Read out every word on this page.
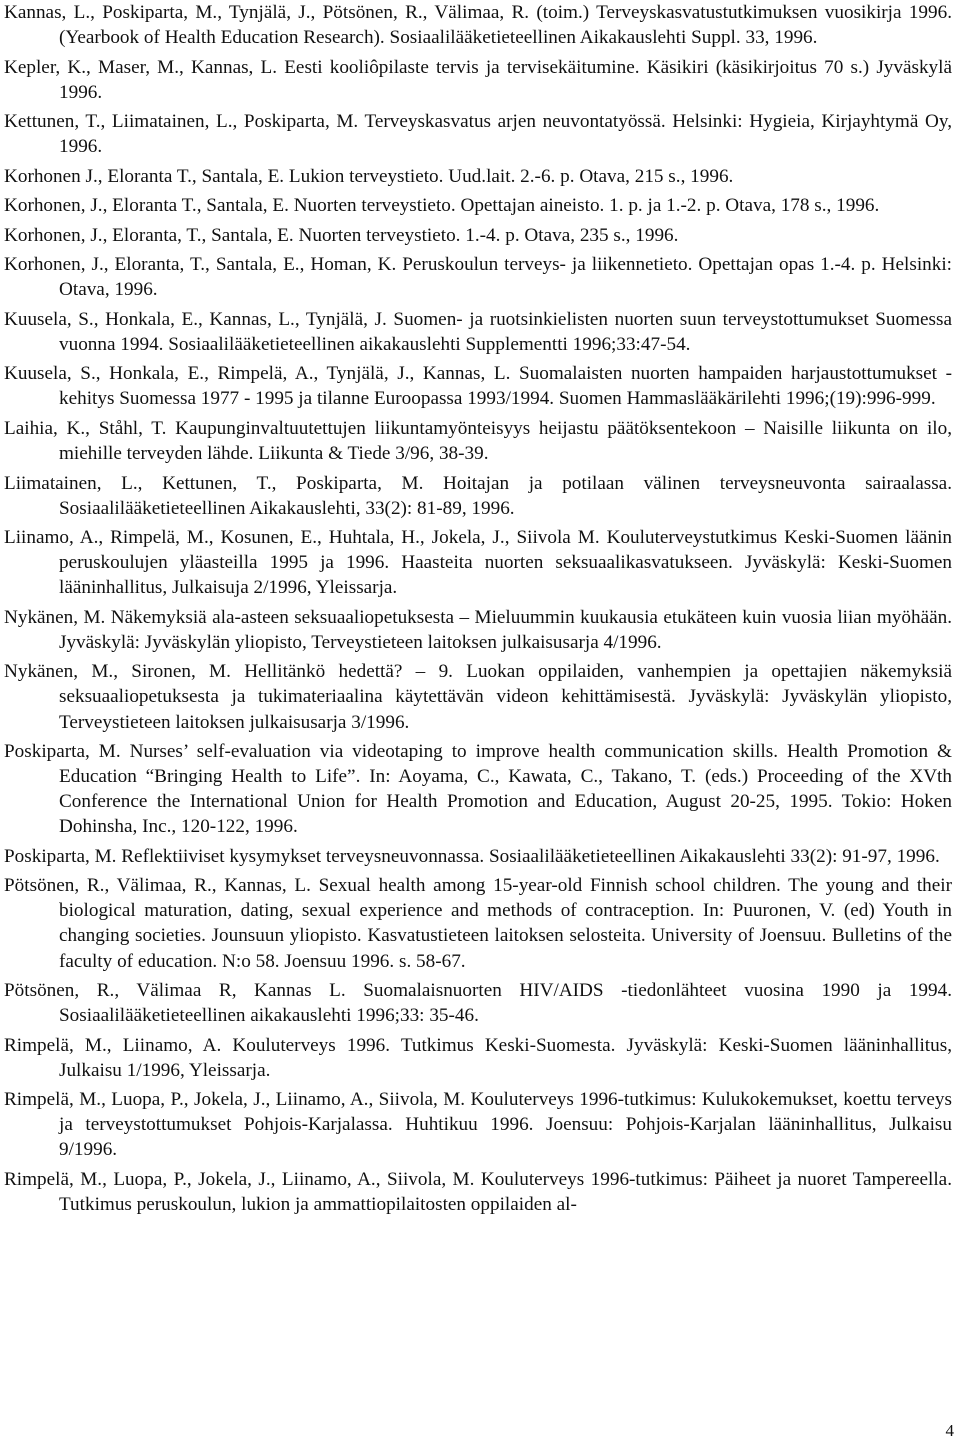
Kannas, L., Poskiparta, M., Tynjälä, J., Pötsönen, R., Välimaa, R. (toim.) Terveyskasvatustutkimuksen vuosikirja 1996. (Yearbook of Health Education Research). Sosiaalilääketieteellinen Aikakauslehti Suppl. 33, 1996.

Kepler, K., Maser, M., Kannas, L. Eesti kooliôpilaste tervis ja tervisekäitumine. Käsikiri (käsikirjoitus 70 s.) Jyväskylä 1996.

Kettunen, T., Liimatainen, L., Poskiparta, M. Terveyskasvatus arjen neuvontatyössä. Helsinki: Hygieia, Kirjayhtymä Oy, 1996.

Korhonen J., Eloranta T., Santala, E. Lukion terveystieto. Uud.lait. 2.-6. p. Otava, 215 s., 1996.

Korhonen, J., Eloranta T., Santala, E. Nuorten terveystieto. Opettajan aineisto. 1. p. ja 1.-2. p. Otava, 178 s., 1996.

Korhonen, J., Eloranta, T., Santala, E. Nuorten terveystieto. 1.-4. p. Otava, 235 s., 1996.

Korhonen, J., Eloranta, T., Santala, E., Homan, K. Peruskoulun terveys- ja liikennetieto. Opettajan opas 1.-4. p. Helsinki: Otava, 1996.

Kuusela, S., Honkala, E., Kannas, L., Tynjälä, J. Suomen- ja ruotsinkielisten nuorten suun terveystottumukset Suomessa vuonna 1994. Sosiaalilääketieteellinen aikakauslehti Supplementti 1996;33:47-54.

Kuusela, S., Honkala, E., Rimpelä, A., Tynjälä, J., Kannas, L. Suomalaisten nuorten hampaiden harjaustottumukset - kehitys Suomessa 1977 - 1995 ja tilanne Euroopassa 1993/1994. Suomen Hammaslääkärilehti 1996;(19):996-999.

Laihia, K., Ståhl, T. Kaupunginvaltuutettujen liikuntamyönteisyys heijastu päätöksentekoon – Naisille liikunta on ilo, miehille terveyden lähde. Liikunta & Tiede 3/96, 38-39.

Liimatainen, L., Kettunen, T., Poskiparta, M. Hoitajan ja potilaan välinen terveysneuvonta sairaalassa. Sosiaalilääketieteellinen Aikakauslehti, 33(2): 81-89, 1996.

Liinamo, A., Rimpelä, M., Kosunen, E., Huhtala, H., Jokela, J., Siivola M. Kouluterveystutkimus Keski-Suomen läänin peruskoulujen yläasteilla 1995 ja 1996. Haasteita nuorten seksuaalikasvatukseen. Jyväskylä: Keski-Suomen lääninhallitus, Julkaisuja 2/1996, Yleissarja.

Nykänen, M. Näkemyksiä ala-asteen seksuaaliopetuksesta – Mieluummin kuukausia etukäteen kuin vuosia liian myöhään. Jyväskylä: Jyväskylän yliopisto, Terveystieteen laitoksen julkaisusarja 4/1996.

Nykänen, M., Sironen, M. Hellitänkö hedettä? – 9. Luokan oppilaiden, vanhempien ja opettajien näkemyksiä seksuaaliopetuksesta ja tukimateriaalina käytettävän videon kehittämisestä. Jyväskylä: Jyväskylän yliopisto, Terveystieteen laitoksen julkaisusarja 3/1996.

Poskiparta, M. Nurses’ self-evaluation via videotaping to improve health communication skills. Health Promotion & Education “Bringing Health to Life”. In: Aoyama, C., Kawata, C., Takano, T. (eds.) Proceeding of the XVth Conference the International Union for Health Promotion and Education, August 20-25, 1995. Tokio: Hoken Dohinsha, Inc., 120-122, 1996.

Poskiparta, M. Reflektiiviset kysymykset terveysneuvonnassa. Sosiaalilääketieteellinen Aikakauslehti 33(2): 91-97, 1996.

Pötsönen, R., Välimaa, R., Kannas, L. Sexual health among 15-year-old Finnish school children. The young and their biological maturation, dating, sexual experience and methods of contraception. In: Puuronen, V. (ed) Youth in changing societies. Jounsuun yliopisto. Kasvatustieteen laitoksen selosteita. University of Joensuu. Bulletins of the faculty of education. N:o 58. Joensuu 1996. s. 58-67.

Pötsönen, R., Välimaa R, Kannas L. Suomalaisnuorten HIV/AIDS -tiedonlähteet vuosina 1990 ja 1994. Sosiaalilääketieteellinen aikakauslehti 1996;33: 35-46.

Rimpelä, M., Liinamo, A. Kouluterveys 1996. Tutkimus Keski-Suomesta. Jyväskylä: Keski-Suomen lääninhallitus, Julkaisu 1/1996, Yleissarja.

Rimpelä, M., Luopa, P., Jokela, J., Liinamo, A., Siivola, M. Kouluterveys 1996-tutkimus: Kulukokemukset, koettu terveys ja terveystottumukset Pohjois-Karjalassa. Huhtikuu 1996. Joensuu: Pohjois-Karjalan lääninhallitus, Julkaisu 9/1996.

Rimpelä, M., Luopa, P., Jokela, J., Liinamo, A., Siivola, M. Kouluterveys 1996-tutkimus: Päiheet ja nuoret Tampereella. Tutkimus peruskoulun, lukion ja ammattiopilaitosten oppilaiden al-

4
